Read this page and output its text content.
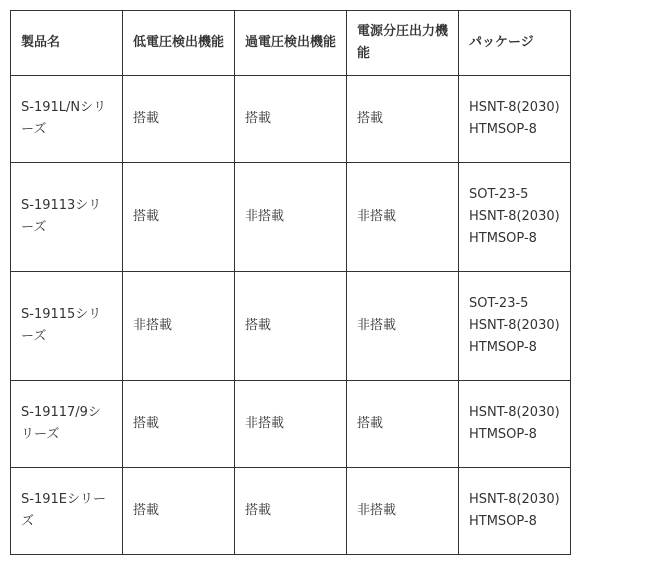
製品名	低電圧検出機能	過電圧検出機能	電源分圧出力機能	パッケージ
S-191L/Nシリーズ	搭載	搭載	搭載	HSNT-8(2030)
HTMSOP-8

S-19113シリーズ	搭載	非搭載	非搭載	SOT-23-5
HSNT-8(2030)
HTMSOP-8

S-19115シリーズ	非搭載	搭載	非搭載	SOT-23-5
HSNT-8(2030)
HTMSOP-8

S-19117/9シリーズ	搭載	非搭載	搭載	HSNT-8(2030)
HTMSOP-8

S-191Eシリーズ	搭載	搭載	非搭載	HSNT-8(2030)
HTMSOP-8
